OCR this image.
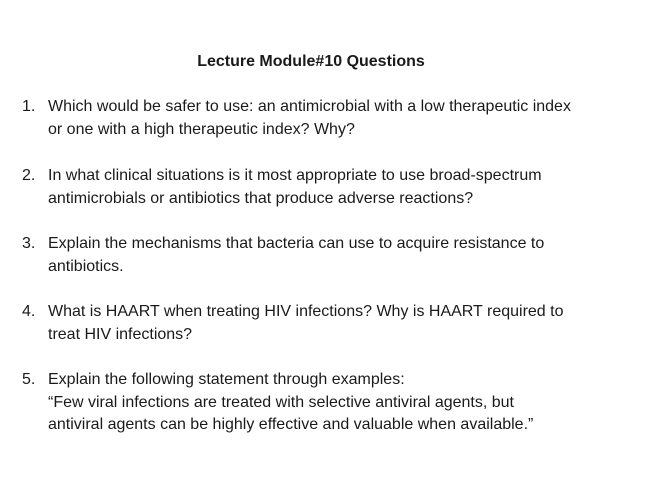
Lecture Module#10 Questions
1. Which would be safer to use: an antimicrobial with a low therapeutic index
or one with a high therapeutic index? Why?
2. In what clinical situations is it most appropriate to use broad-spectrum
antimicrobials or antibiotics that produce adverse reactions?
3. Explain the mechanisms that bacteria can use to acquire resistance to
antibiotics.
4. What is HAART when treating HIV infections? Why is HAART required to
treat HIV infections?
5. Explain the following statement through examples:
“Few viral infections are treated with selective antiviral agents, but
antiviral agents can be highly effective and valuable when available.”
